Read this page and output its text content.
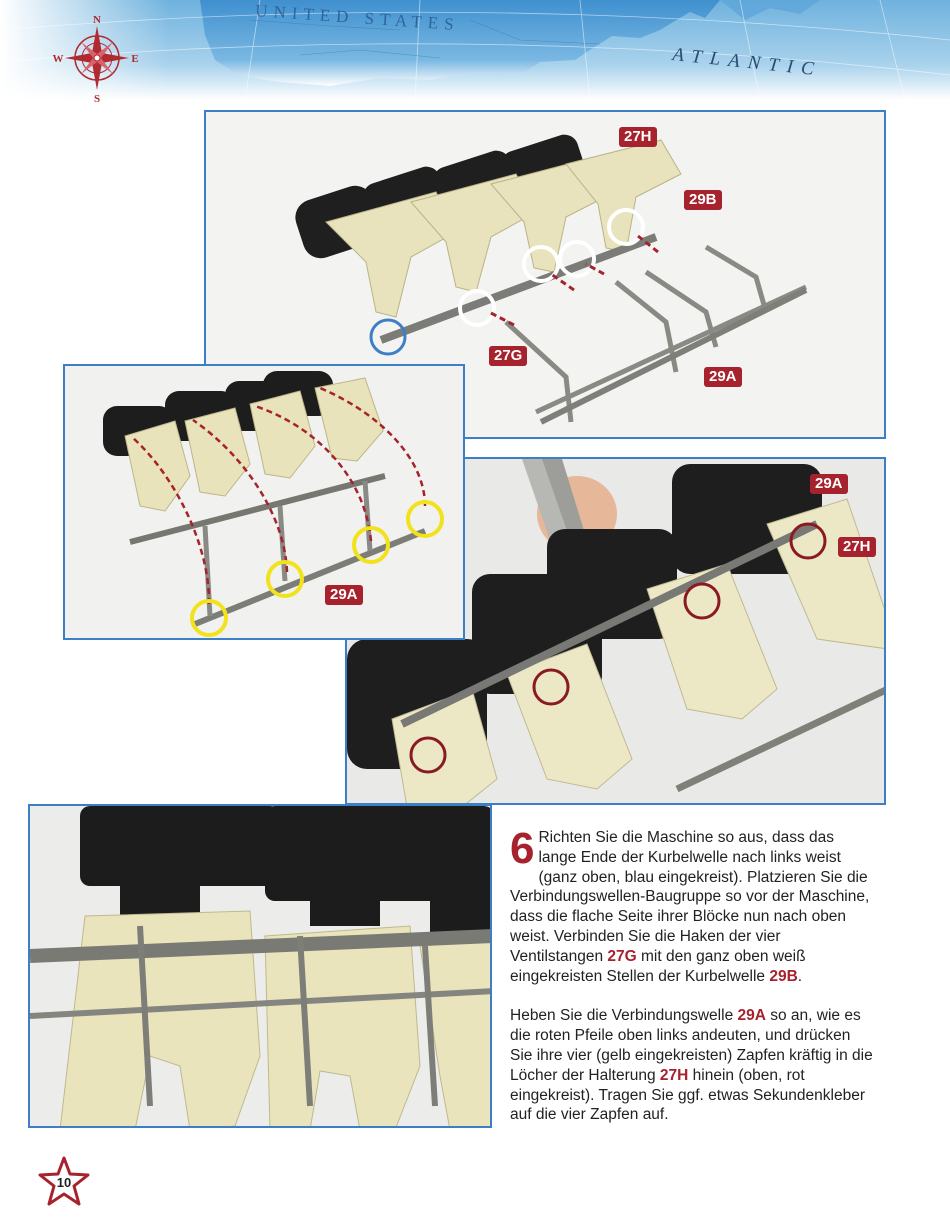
UNITED STATES
ATLANTIC
N
S
E
W
27H
29B
27G
29A
29A
27H
29A

6 Richten Sie die Maschine so aus, dass das lange Ende der Kurbelwelle nach links weist (ganz oben, blau eingekreist). Platzieren Sie die Verbindungswellen-Baugruppe so vor der Maschine, dass die flache Seite ihrer Blöcke nun nach oben weist. Verbinden Sie die Haken der vier Ventilstangen 27G mit den ganz oben weiß eingekreisten Stellen der Kurbelwelle 29B.

Heben Sie die Verbindungswelle 29A so an, wie es die roten Pfeile oben links andeuten, und drücken Sie ihre vier (gelb eingekreisten) Zapfen kräftig in die Löcher der Halterung 27H hinein (oben, rot eingekreist). Tragen Sie ggf. etwas Sekundenkleber auf die vier Zapfen auf.

10
